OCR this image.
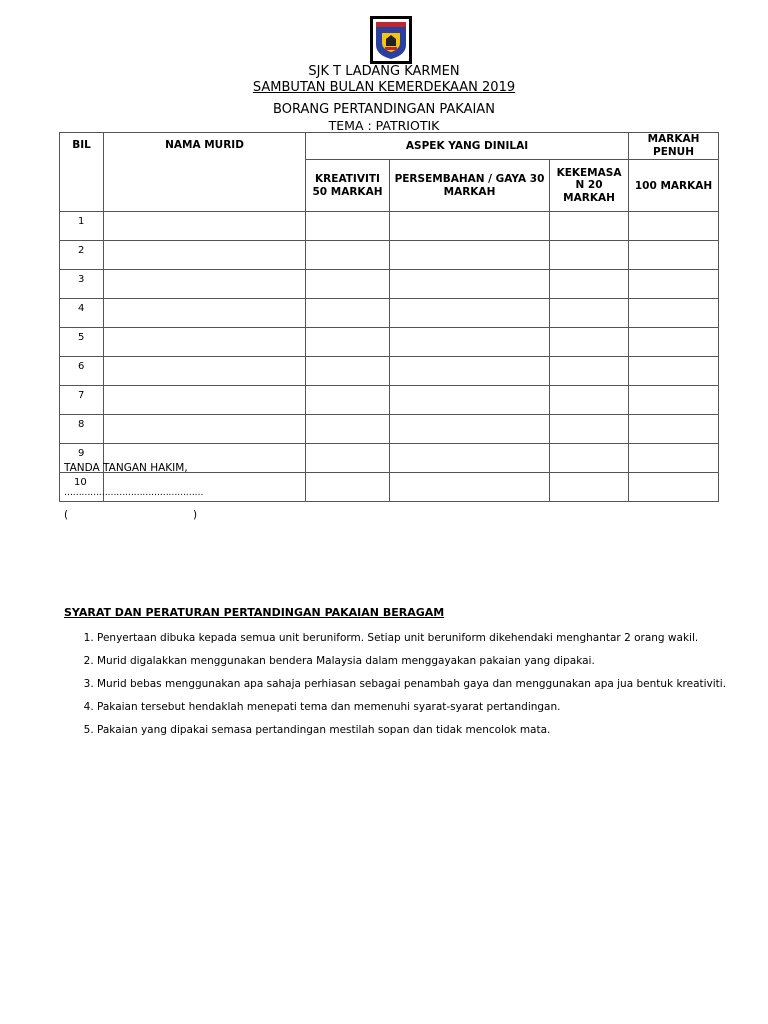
SJK T LADANG KARMEN
SAMBUTAN BULAN KEMERDEKAAN 2019
BORANG PERTANDINGAN PAKAIAN
TEMA : PATRIOTIK
BIL	NAMA MURID	ASPEK YANG DINILAI			MARKAH PENUH
		KREATIVITI 50 MARKAH	PERSEMBAHAN / GAYA 30 MARKAH	KEKEMASA N 20 MARKAH	100 MARKAH
1					
2					
3					
4					
5					
6					
7					
8					
9					
10					
TANDA TANGAN HAKIM,
…………………………………………
(	)
SYARAT DAN PERATURAN PERTANDINGAN PAKAIAN BERAGAM
1. Penyertaan dibuka kepada semua unit beruniform. Setiap unit beruniform dikehendaki menghantar 2 orang wakil.
2. Murid digalakkan menggunakan bendera Malaysia dalam menggayakan pakaian yang dipakai.
3. Murid bebas menggunakan apa sahaja perhiasan sebagai penambah gaya dan menggunakan apa jua bentuk kreativiti.
4. Pakaian tersebut hendaklah menepati tema dan memenuhi syarat-syarat pertandingan.
5. Pakaian yang dipakai semasa pertandingan mestilah sopan dan tidak mencolok mata.
